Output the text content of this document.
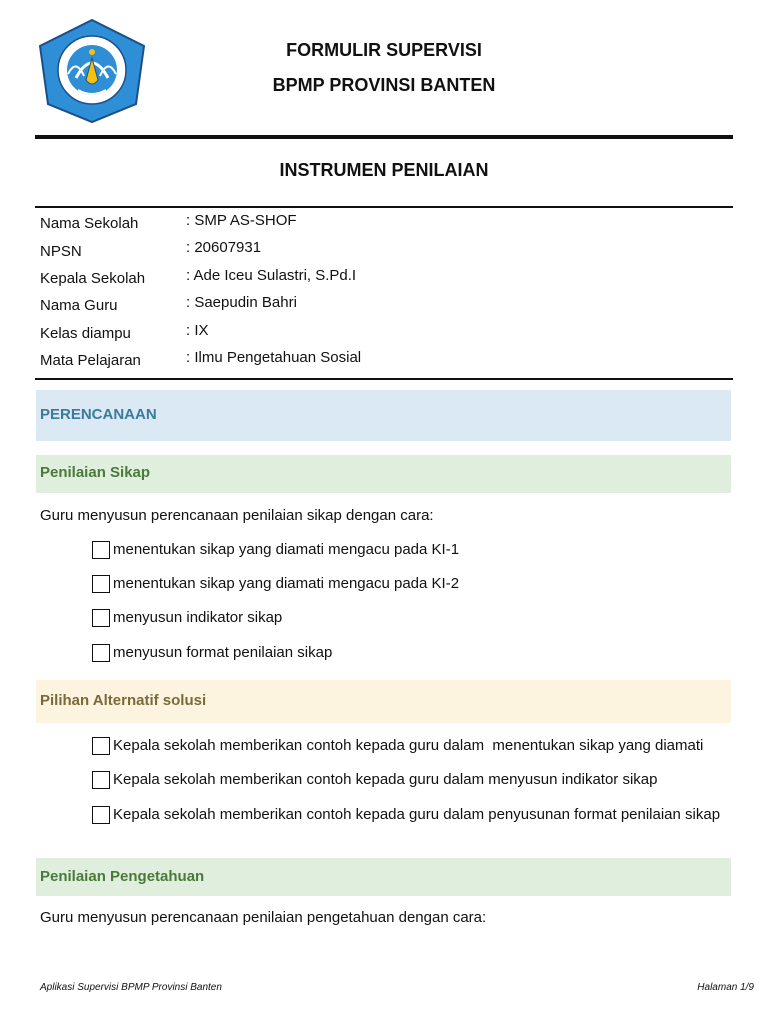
FORMULIR SUPERVISI
BPMP PROVINSI BANTEN
INSTRUMEN PENILAIAN
Nama Sekolah	: SMP AS-SHOF
NPSN	: 20607931
Kepala Sekolah	: Ade Iceu Sulastri, S.Pd.I
Nama Guru	: Saepudin Bahri
Kelas diampu	: IX
Mata Pelajaran	: Ilmu Pengetahuan Sosial
PERENCANAAN
Penilaian Sikap
Guru menyusun perencanaan penilaian sikap dengan cara:
menentukan sikap yang diamati mengacu pada KI-1
menentukan sikap yang diamati mengacu pada KI-2
menyusun indikator sikap
menyusun format penilaian sikap
Pilihan Alternatif solusi
Kepala sekolah memberikan contoh kepada guru dalam  menentukan sikap yang diamati
Kepala sekolah memberikan contoh kepada guru dalam menyusun indikator sikap
Kepala sekolah memberikan contoh kepada guru dalam penyusunan format penilaian sikap
Penilaian Pengetahuan
Guru menyusun perencanaan penilaian pengetahuan dengan cara:
Aplikasi Supervisi BPMP Provinsi Banten	Halaman 1/9
